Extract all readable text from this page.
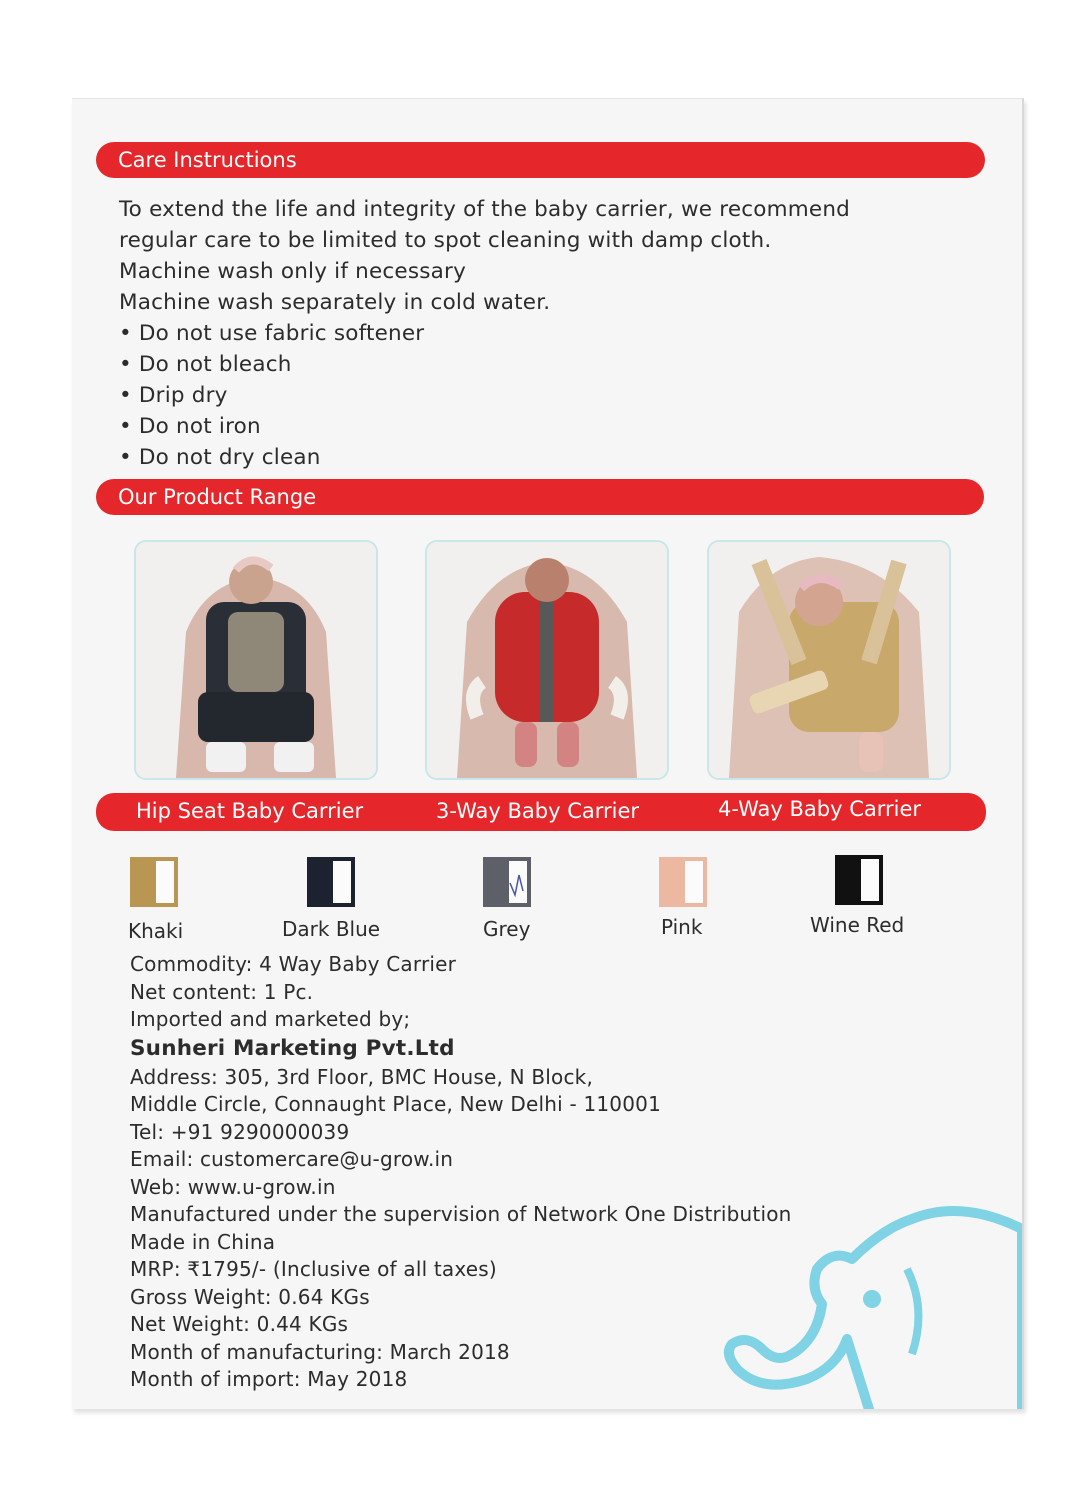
Care Instructions
To extend the life and integrity of the baby carrier, we recommend
regular care to be limited to spot cleaning with damp cloth.
Machine wash only if necessary
Machine wash separately in cold water.
• Do not use fabric softener
• Do not bleach
• Drip dry
• Do not iron
• Do not dry clean
Our Product Range
Hip Seat Baby Carrier	3-Way Baby Carrier	4-Way Baby Carrier
Khaki	Dark Blue	Grey	Pink	Wine Red
Commodity: 4 Way Baby Carrier
Net content: 1 Pc.
Imported and marketed by;
Sunheri Marketing Pvt.Ltd
Address: 305, 3rd Floor, BMC House, N Block,
Middle Circle, Connaught Place, New Delhi - 110001
Tel: +91 9290000039
Email: customercare@u-grow.in
Web: www.u-grow.in
Manufactured under the supervision of Network One Distribution
Made in China
MRP: ₹1795/- (Inclusive of all taxes)
Gross Weight: 0.64 KGs
Net Weight: 0.44 KGs
Month of manufacturing: March 2018
Month of import: May 2018
